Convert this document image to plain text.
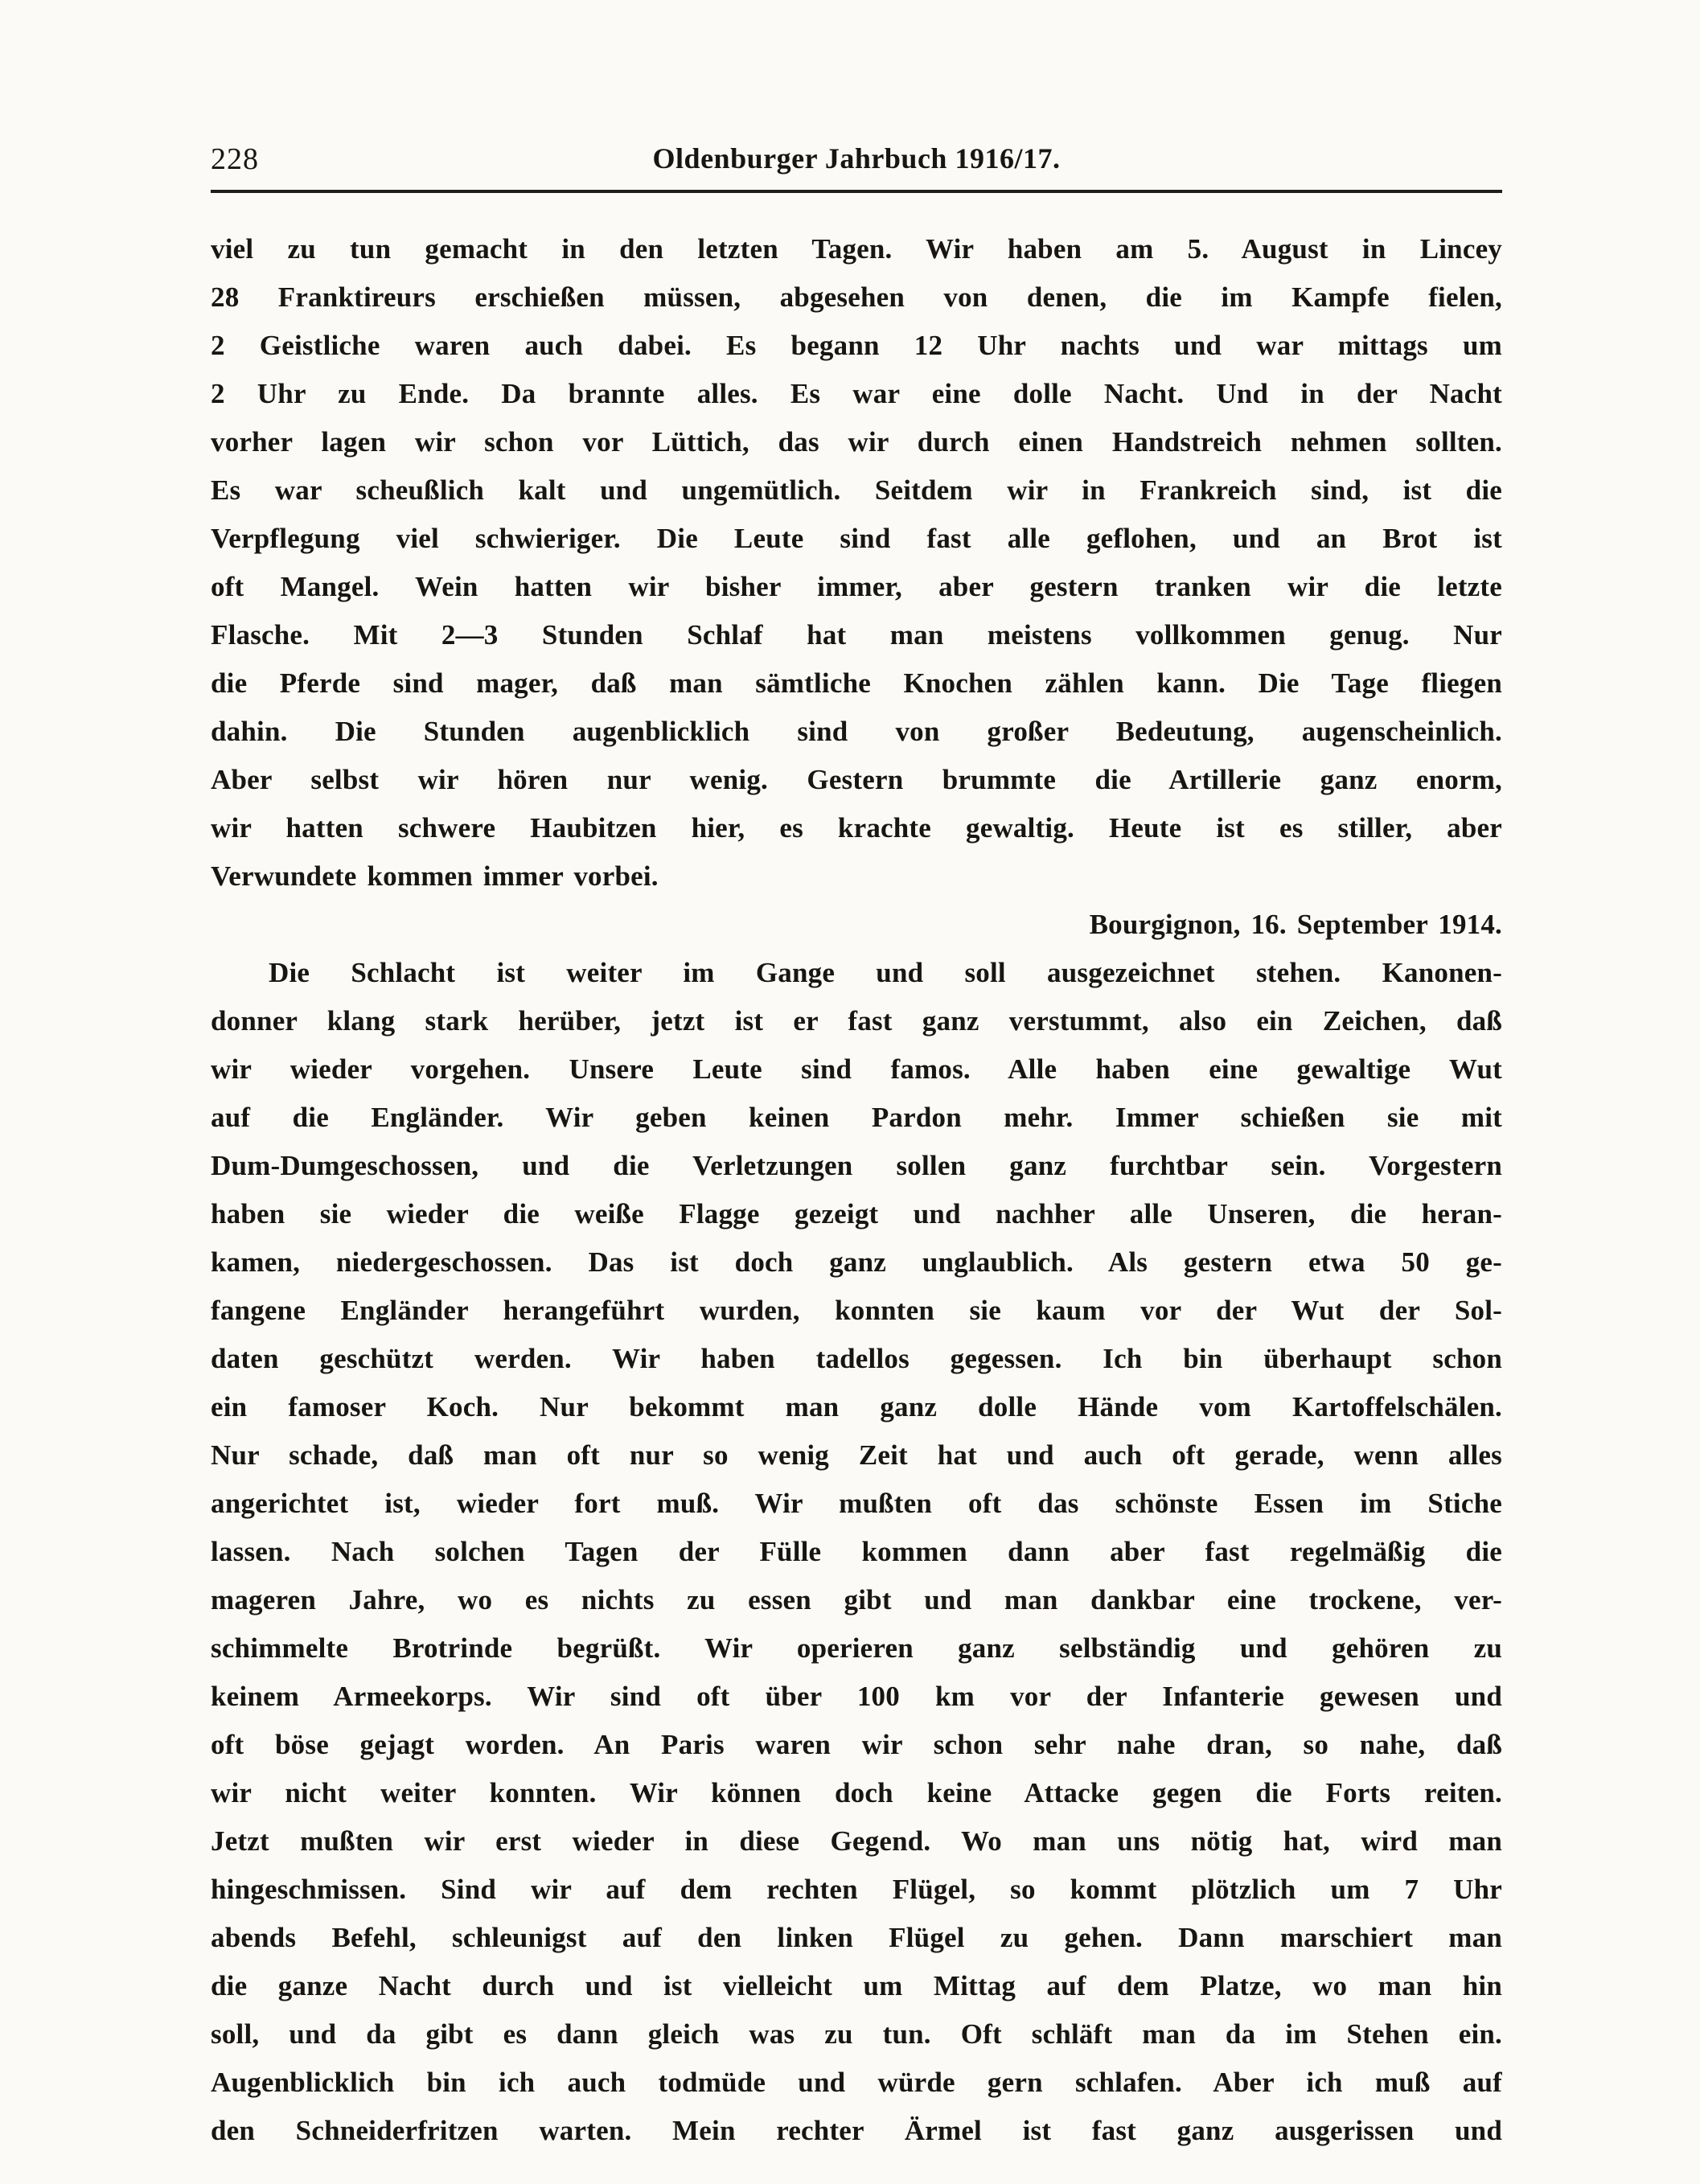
228	Oldenburger Jahrbuch 1916/17.
viel zu tun gemacht in den letzten Tagen. Wir haben am 5. August in Lincey
28 Franktireurs erschießen müssen, abgesehen von denen, die im Kampfe fielen,
2 Geistliche waren auch dabei. Es begann 12 Uhr nachts und war mittags um
2 Uhr zu Ende. Da brannte alles. Es war eine dolle Nacht. Und in der Nacht
vorher lagen wir schon vor Lüttich, das wir durch einen Handstreich nehmen sollten.
Es war scheußlich kalt und ungemütlich. Seitdem wir in Frankreich sind, ist die
Verpflegung viel schwieriger. Die Leute sind fast alle geflohen, und an Brot ist
oft Mangel. Wein hatten wir bisher immer, aber gestern tranken wir die letzte
Flasche. Mit 2—3 Stunden Schlaf hat man meistens vollkommen genug. Nur
die Pferde sind mager, daß man sämtliche Knochen zählen kann. Die Tage fliegen
dahin. Die Stunden augenblicklich sind von großer Bedeutung, augenscheinlich.
Aber selbst wir hören nur wenig. Gestern brummte die Artillerie ganz enorm,
wir hatten schwere Haubitzen hier, es krachte gewaltig. Heute ist es stiller, aber
Verwundete kommen immer vorbei.
Bourgignon, 16. September 1914.
Die Schlacht ist weiter im Gange und soll ausgezeichnet stehen. Kanonen-
donner klang stark herüber, jetzt ist er fast ganz verstummt, also ein Zeichen, daß
wir wieder vorgehen. Unsere Leute sind famos. Alle haben eine gewaltige Wut
auf die Engländer. Wir geben keinen Pardon mehr. Immer schießen sie mit
Dum-Dumgeschossen, und die Verletzungen sollen ganz furchtbar sein. Vorgestern
haben sie wieder die weiße Flagge gezeigt und nachher alle Unseren, die heran-
kamen, niedergeschossen. Das ist doch ganz unglaublich. Als gestern etwa 50 ge-
fangene Engländer herangeführt wurden, konnten sie kaum vor der Wut der Sol-
daten geschützt werden. Wir haben tadellos gegessen. Ich bin überhaupt schon
ein famoser Koch. Nur bekommt man ganz dolle Hände vom Kartoffelschälen.
Nur schade, daß man oft nur so wenig Zeit hat und auch oft gerade, wenn alles
angerichtet ist, wieder fort muß. Wir mußten oft das schönste Essen im Stiche
lassen. Nach solchen Tagen der Fülle kommen dann aber fast regelmäßig die
mageren Jahre, wo es nichts zu essen gibt und man dankbar eine trockene, ver-
schimmelte Brotrinde begrüßt. Wir operieren ganz selbständig und gehören zu
keinem Armeekorps. Wir sind oft über 100 km vor der Infanterie gewesen und
oft böse gejagt worden. An Paris waren wir schon sehr nahe dran, so nahe, daß
wir nicht weiter konnten. Wir können doch keine Attacke gegen die Forts reiten.
Jetzt mußten wir erst wieder in diese Gegend. Wo man uns nötig hat, wird man
hingeschmissen. Sind wir auf dem rechten Flügel, so kommt plötzlich um 7 Uhr
abends Befehl, schleunigst auf den linken Flügel zu gehen. Dann marschiert man
die ganze Nacht durch und ist vielleicht um Mittag auf dem Platze, wo man hin
soll, und da gibt es dann gleich was zu tun. Oft schläft man da im Stehen ein.
Augenblicklich bin ich auch todmüde und würde gern schlafen. Aber ich muß auf
den Schneiderfritzen warten. Mein rechter Ärmel ist fast ganz ausgerissen und
